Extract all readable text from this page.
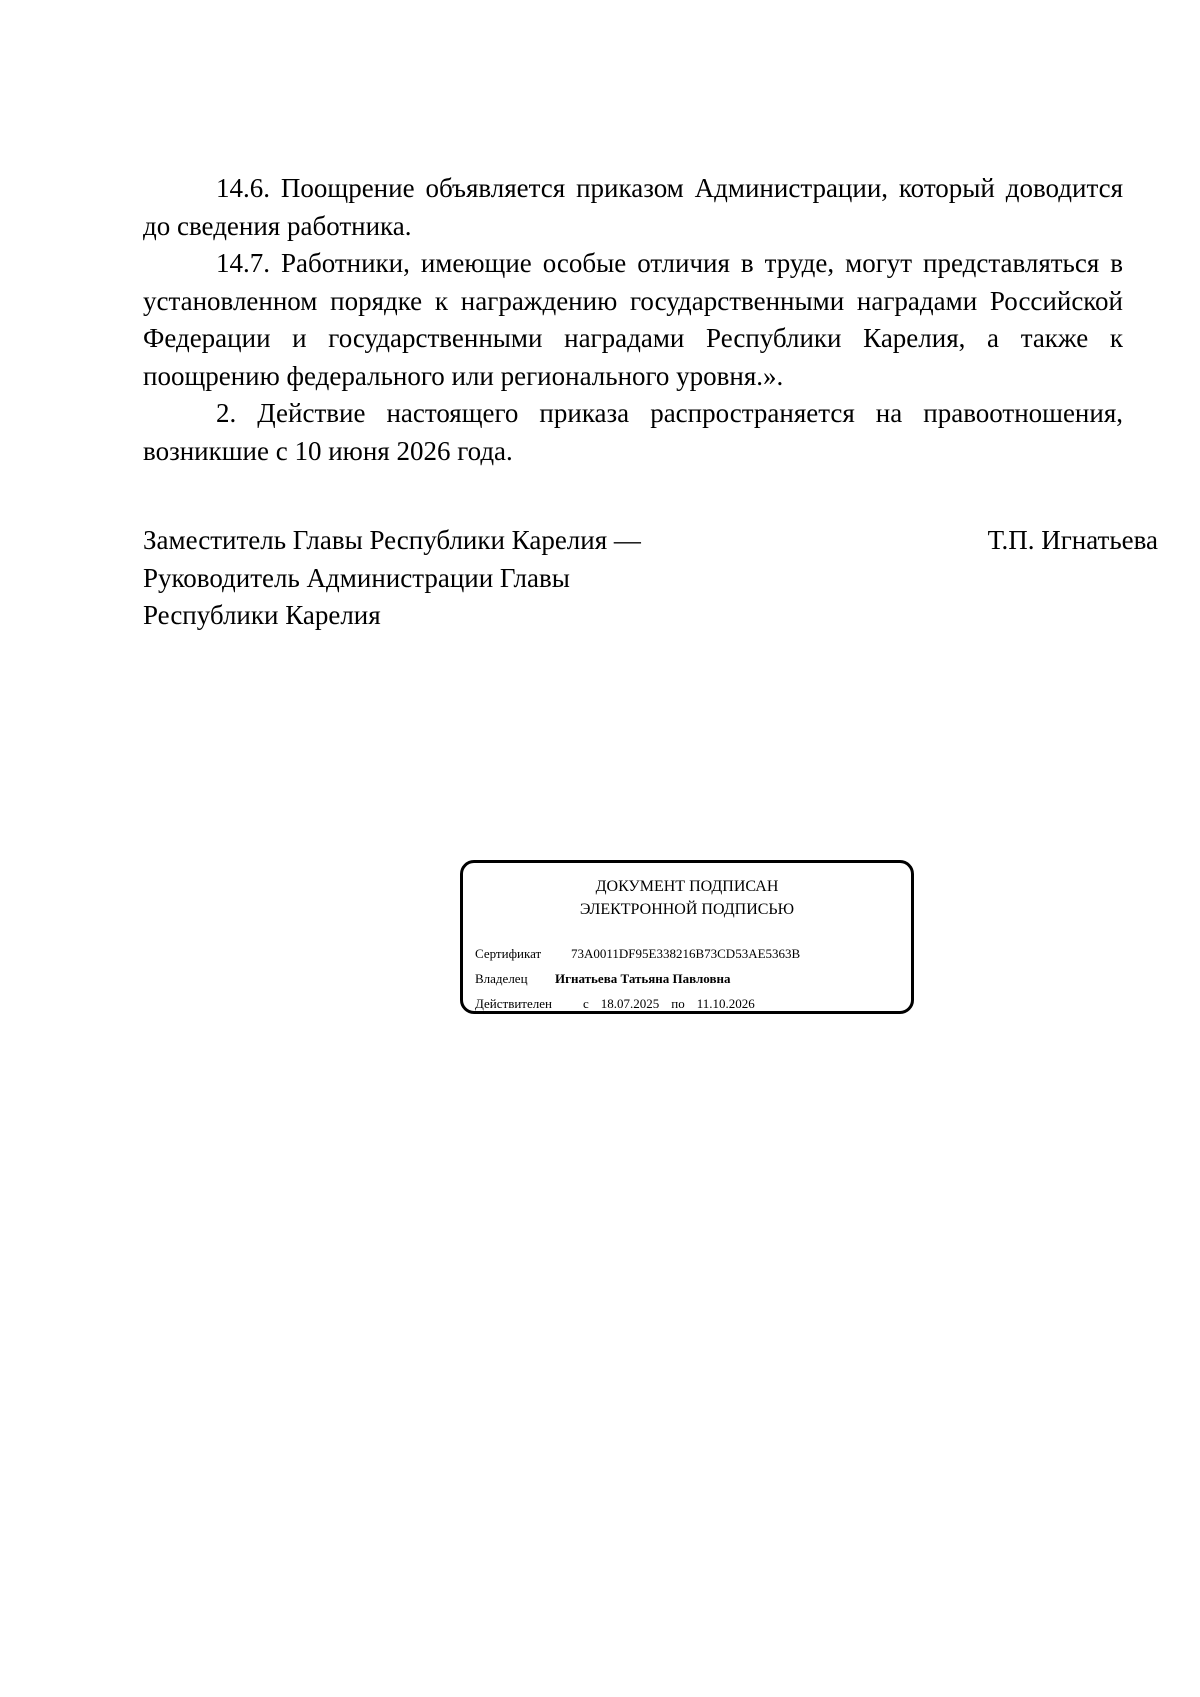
14.6. Поощрение объявляется приказом Администрации, который доводится до сведения работника.

14.7. Работники, имеющие особые отличия в труде, могут представляться в установленном порядке к награждению государственными наградами Российской Федерации и государственными наградами Республики Карелия, а также к поощрению федерального или регионального уровня.».

2. Действие настоящего приказа распространяется на правоотношения, возникшие с 10 июня 2026 года.

Заместитель Главы Республики Карелия —
Руководитель Администрации Главы
Республики Карелия
Т.П. Игнатьева
ДОКУМЕНТ ПОДПИСАН
ЭЛЕКТРОННОЙ ПОДПИСЬЮ
Сертификат 73A0011DF95E338216B73CD53AE5363B
Владелец Игнатьева Татьяна Павловна
Действителен с 18.07.2025 по 11.10.2026
